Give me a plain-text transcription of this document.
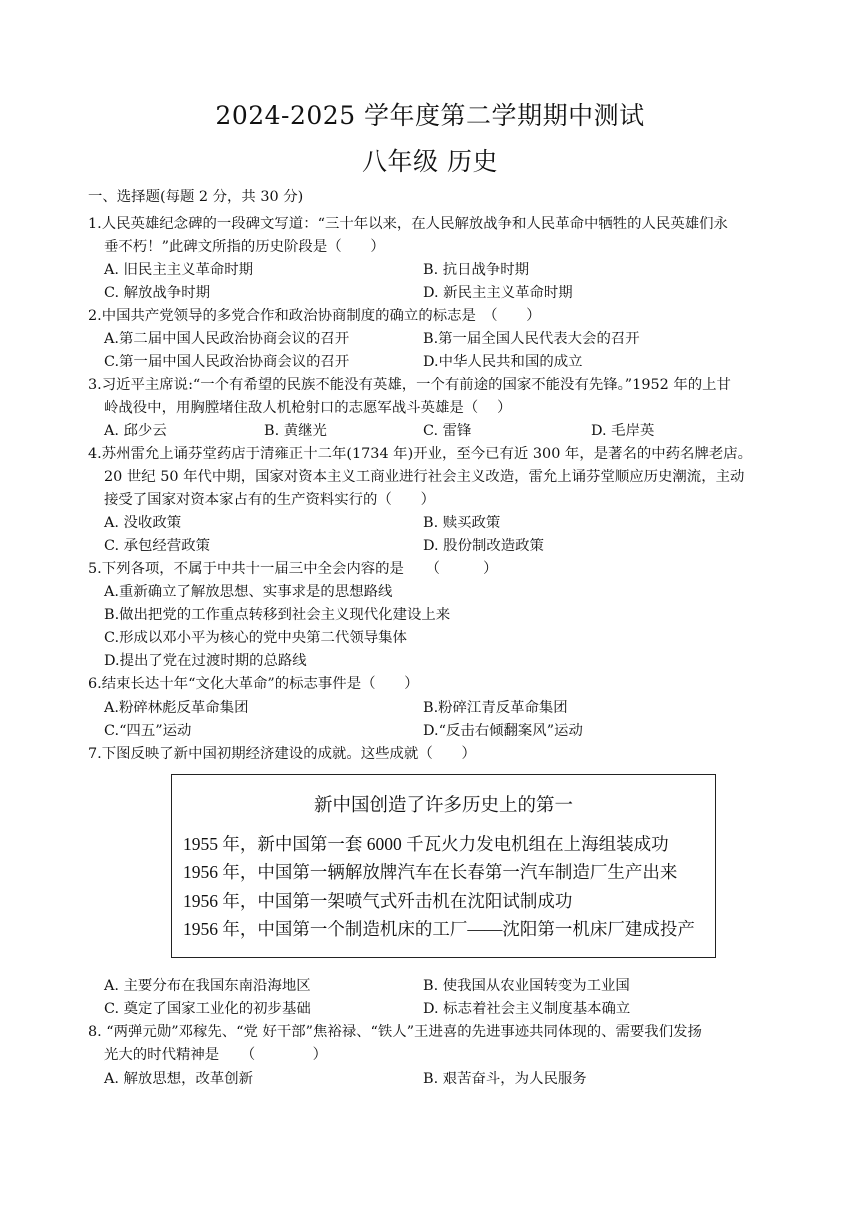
2024-2025 学年度第二学期期中测试
八年级 历史
一、选择题(每题 2 分，共 30 分)
1.人民英雄纪念碑的一段碑文写道：“三十年以来，在人民解放战争和人民革命中牺牲的人民英雄们永
垂不朽！”此碑文所指的历史阶段是（　　）
A. 旧民主主义革命时期	B. 抗日战争时期
C. 解放战争时期	D. 新民主主义革命时期
2.中国共产党领导的多党合作和政治协商制度的确立的标志是　（　　）
A.第二届中国人民政治协商会议的召开	B.第一届全国人民代表大会的召开
C.第一届中国人民政治协商会议的召开	D.中华人民共和国的成立
3.习近平主席说:“一个有希望的民族不能没有英雄，一个有前途的国家不能没有先锋。”1952 年的上甘
岭战役中，用胸膛堵住敌人机枪射口的志愿军战斗英雄是（　 ）
A. 邱少云	B. 黄继光	C. 雷锋	D. 毛岸英
4.苏州雷允上诵芬堂药店于清雍正十二年(1734 年)开业，至今已有近 300 年，是著名的中药名牌老店。
20 世纪 50 年代中期，国家对资本主义工商业进行社会主义改造，雷允上诵芬堂顺应历史潮流，主动
接受了国家对资本家占有的生产资料实行的（　　）
A. 没收政策	B. 赎买政策
C. 承包经营政策	D. 股份制改造政策
5.下列各项，不属于中共十一届三中全会内容的是　　（　　　）
A.重新确立了解放思想、实事求是的思想路线
B.做出把党的工作重点转移到社会主义现代化建设上来
C.形成以邓小平为核心的党中央第二代领导集体
D.提出了党在过渡时期的总路线
6.结束长达十年“文化大革命”的标志事件是（　　）
A.粉碎林彪反革命集团	B.粉碎江青反革命集团
C.“四五”运动	D.“反击右倾翻案风”运动
7.下图反映了新中国初期经济建设的成就。这些成就（　　）
新中国创造了许多历史上的第一
1955 年，新中国第一套 6000 千瓦火力发电机组在上海组装成功
1956 年，中国第一辆解放牌汽车在长春第一汽车制造厂生产出来
1956 年，中国第一架喷气式歼击机在沈阳试制成功
1956 年，中国第一个制造机床的工厂——沈阳第一机床厂建成投产
A. 主要分布在我国东南沿海地区	B. 使我国从农业国转变为工业国
C. 奠定了国家工业化的初步基础	D. 标志着社会主义制度基本确立
8. “两弹元勋”邓稼先、“党 好干部”焦裕禄、“铁人”王进喜的先进事迹共同体现的、需要我们发扬
光大的时代精神是　　（　　　　）
A. 解放思想，改革创新	B. 艰苦奋斗，为人民服务
